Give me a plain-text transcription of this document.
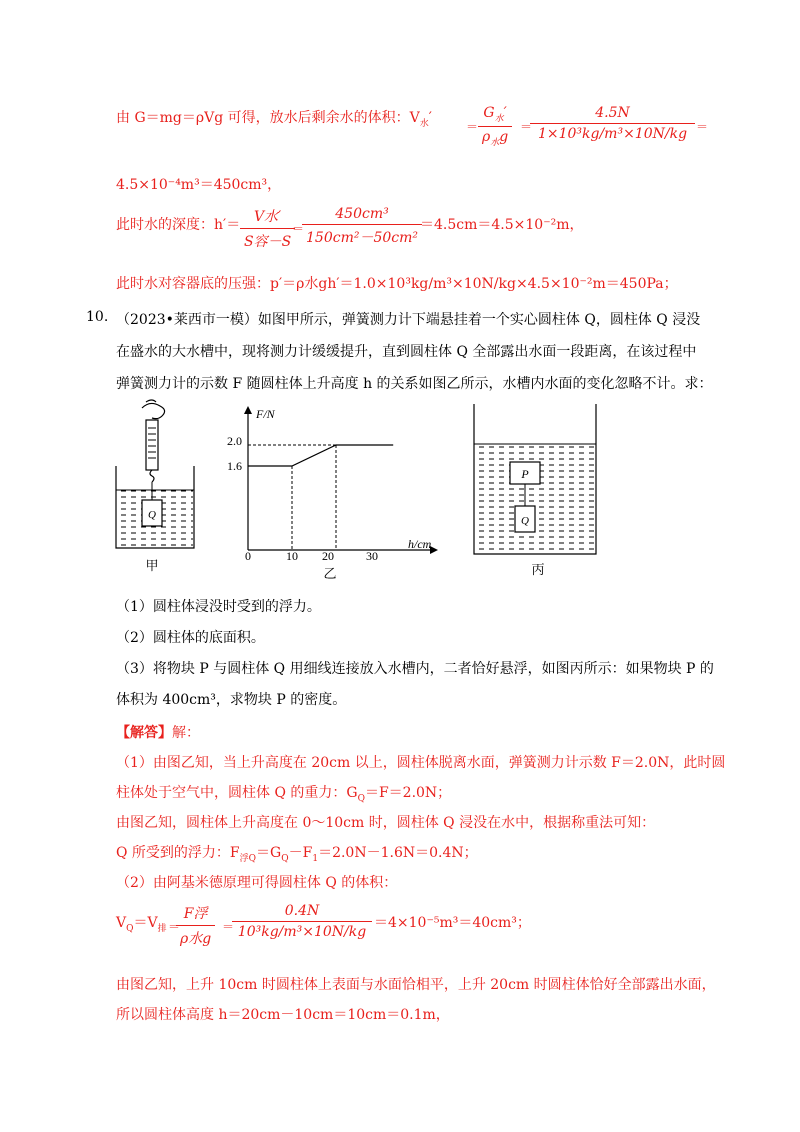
由 G＝mg＝ρVg 可得，放水后剩余水的体积：$V_水'$
＝
$G_水'$
$\rho_水g$
＝
$\frac{4.5N}{\text{1×10³kg/m³×10N/kg}}$ ＝
4.5×10⁻⁴m³＝450cm³，
此时水的深度：h′＝ V水′
S容－S
＝
$\frac{\text{450cm³}}{\text{150cm²－50cm²}}$
＝4.5cm＝4.5×10⁻²m，
此时水对容器底的压强：p′＝ρ水gh′＝1.0×10³kg/m³×10N/kg×4.5×10⁻²m＝450Pa；
10. （2023•莱西市一模）如图甲所示，弹簧测力计下端悬挂着一个实心圆柱体 Q，圆柱体 Q 浸没
在盛水的大水槽中，现将测力计缓缓提升，直到圆柱体 Q 全部露出水面一段距离，在该过程中
弹簧测力计的示数 F 随圆柱体上升高度 h 的关系如图乙所示，水槽内水面的变化忽略不计。求：
Q
甲
F/N
h/cm
0	10 20	30
1.6
2.0
乙
P
Q
丙
（1）圆柱体浸没时受到的浮力。
（2）圆柱体的底面积。
（3）将物块 P 与圆柱体 Q 用细线连接放入水槽内，二者恰好悬浮，如图丙所示：如果物块 P 的
体积为 400cm³，求物块 P 的密度。
【解答】解：
（1）由图乙知，当上升高度在 20cm 以上，圆柱体脱离水面，弹簧测力计示数 F＝2.0N，此时圆
柱体处于空气中，圆柱体 Q 的重力：$G_Q=F=2.0N$；
由图乙知，圆柱体上升高度在 0～10cm 时，圆柱体 Q 浸没在水中，根据称重法可知：
Q 所受到的浮力：$F_{浮Q}=G_Q-F_1=2.0N-1.6N=0.4N$；
（2）由阿基米德原理可得圆柱体 Q 的体积：
$V_Q=V_排$ ＝
F浮
ρ水g
＝
$\frac{0.4N}{\text{10³kg/m³×10N/kg}} =4\times 10^{-5}m^3=40cm^3$；
由图乙知，上升 10cm 时圆柱体上表面与水面恰相平，上升 20cm 时圆柱体恰好全部露出水面，
所以圆柱体高度 h＝20cm－10cm＝10cm＝0.1m，
